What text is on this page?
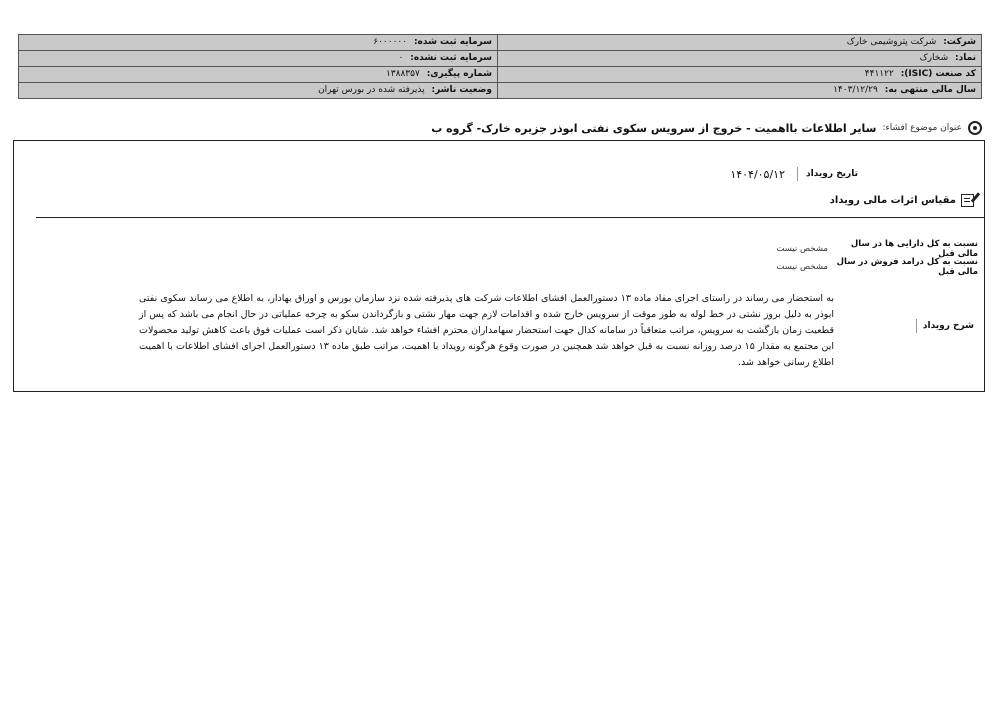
شرکت: شرکت پتروشیمی خارک	سرمایه ثبت شده: ۶۰۰۰۰۰۰
نماد: شخارک	سرمایه ثبت نشده: ۰
کد صنعت (ISIC): ۴۴۱۱۲۲	شماره پیگیری: ۱۳۸۸۳۵۷
سال مالی منتهی به: ۱۴۰۳/۱۲/۲۹	وضعیت ناشر: پذیرفته شده در بورس تهران
عنوان موضوع افشاء:
سایر اطلاعات بااهمیت - خروج از سرویس سکوی نفتی ابوذر جزیره خارک- گروه ب
تاریخ رویداد
۱۴۰۴/۰۵/۱۲
مقیاس اثرات مالی رویداد
نسبت به کل دارایی ها در سال مالی قبل
مشخص نیست
نسبت به کل درامد فروش در سال مالی قبل
مشخص نیست
شرح رویداد
به استحضار می رساند در راستای اجرای مفاد ماده ۱۳ دستورالعمل افشای اطلاعات شرکت های پذیرفته شده نزد سازمان بورس و اوراق بهادار، به اطلاع می رساند سکوی نفتی ابوذر به دلیل بروز نشتی در خط لوله به طور موقت از سرویس خارج شده و اقدامات لازم جهت مهار نشتی و بازگرداندن سکو به چرخه عملیاتی در حال انجام می باشد که پس از قطعیت زمان بازگشت به سرویس، مراتب متعاقباً در سامانه کدال جهت استحضار سهامداران محترم افشاء خواهد شد. شایان ذکر است عملیات فوق باعث کاهش تولید محصولات این مجتمع به مقدار ۱۵ درصد روزانه نسبت به قبل خواهد شد همچنین در صورت وقوع هرگونه رویداد با اهمیت، مراتب طبق ماده ۱۳ دستورالعمل اجرای افشای اطلاعات با اهمیت اطلاع رسانی خواهد شد.
